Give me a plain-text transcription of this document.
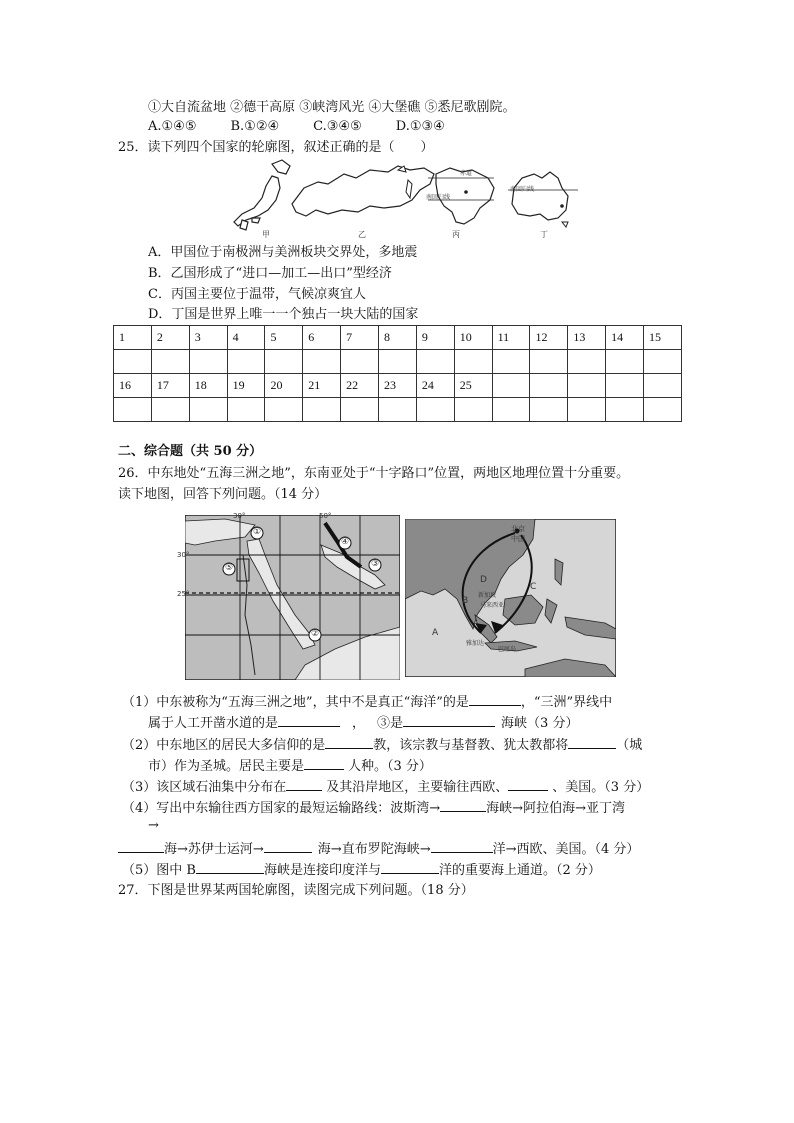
①大自流盆地 ②德干高原 ③峡湾风光 ④大堡礁 ⑤悉尼歌剧院。
A.①④⑤	B.①②④	C.③④⑤	D.①③④
25．读下列四个国家的轮廓图，叙述正确的是（　　）
甲	乙	丙	丁
赤道
南回归线
南回归线
A．甲国位于南极洲与美洲板块交界处，多地震
B．乙国形成了“进口—加工—出口”型经济
C．丙国主要位于温带，气候凉爽宜人
D．丁国是世界上唯一一个独占一块大陆的国家
1	2	3	4	5	6	7	8	9	10	11	12	13	14	15

16	17	18	19	20	21	22	23	24	25					

二、综合题（共 50 分）
26．中东地处“五海三洲之地”，东南亚处于“十字路口”位置，两地区地理位置十分重要。
读下地图，回答下列问题。（14 分）
30°	50°
30°
25°
①
②
③
④
⑤
北京
中国
D
C
B
A
新加坡
马来西亚
雅加达
巴厘岛
（1）中东被称为“五海三洲之地”，其中不是真正“海洋”的是	，“三洲”界线中
属于人工开凿水道的是	， ③是	海峡（3 分）
（2）中东地区的居民大多信仰的是	教，该宗教与基督教、犹太教都将	（城
市）作为圣城。居民主要是	人种。（3 分）
（3）该区域石油集中分布在	及其沿岸地区，主要输往西欧、	、美国。（3 分）
（4）写出中东输往西方国家的最短运输路线：波斯湾→	海峡→阿拉伯海→亚丁湾
→
海→苏伊士运河→	海→直布罗陀海峡→	洋→西欧、美国。（4 分）
（5）图中 B	海峡是连接印度洋与	洋的重要海上通道。（2 分）
27．下图是世界某两国轮廓图，读图完成下列问题。（18 分）
